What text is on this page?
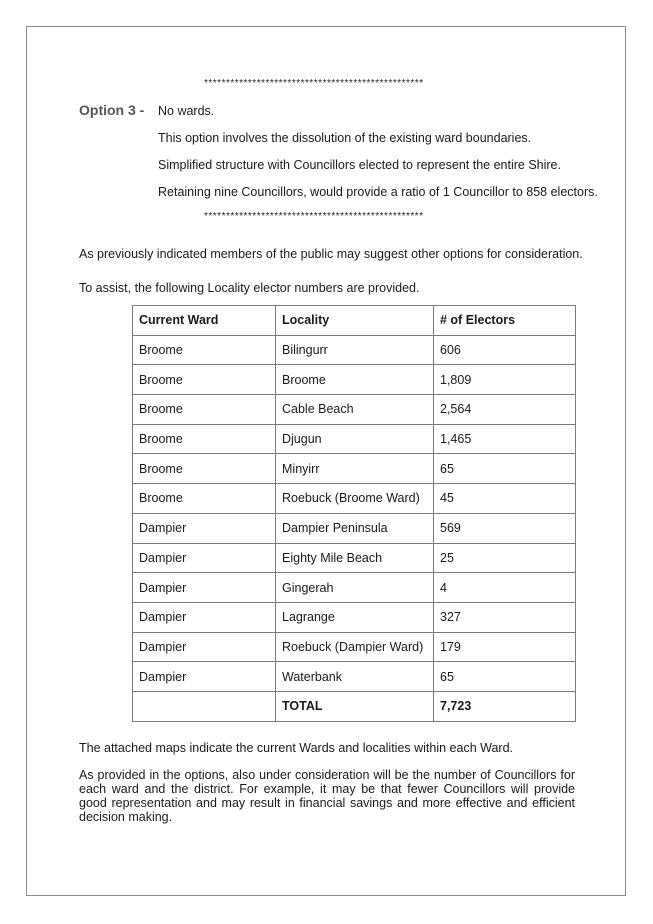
**************************************************
Option 3 - No wards.
This option involves the dissolution of the existing ward boundaries.
Simplified structure with Councillors elected to represent the entire Shire.
Retaining nine Councillors, would provide a ratio of 1 Councillor to 858 electors.
**************************************************
As previously indicated members of the public may suggest other options for consideration.
To assist, the following Locality elector numbers are provided.
Current Ward	Locality	# of Electors
Broome	Bilingurr	606
Broome	Broome	1,809
Broome	Cable Beach	2,564
Broome	Djugun	1,465
Broome	Minyirr	65
Broome	Roebuck (Broome Ward)	45
Dampier	Dampier Peninsula	569
Dampier	Eighty Mile Beach	25
Dampier	Gingerah	4
Dampier	Lagrange	327
Dampier	Roebuck (Dampier Ward)	179
Dampier	Waterbank	65
	TOTAL	7,723
The attached maps indicate the current Wards and localities within each Ward.
As provided in the options, also under consideration will be the number of Councillors for each ward and the district. For example, it may be that fewer Councillors will provide good representation and may result in financial savings and more effective and efficient decision making.
